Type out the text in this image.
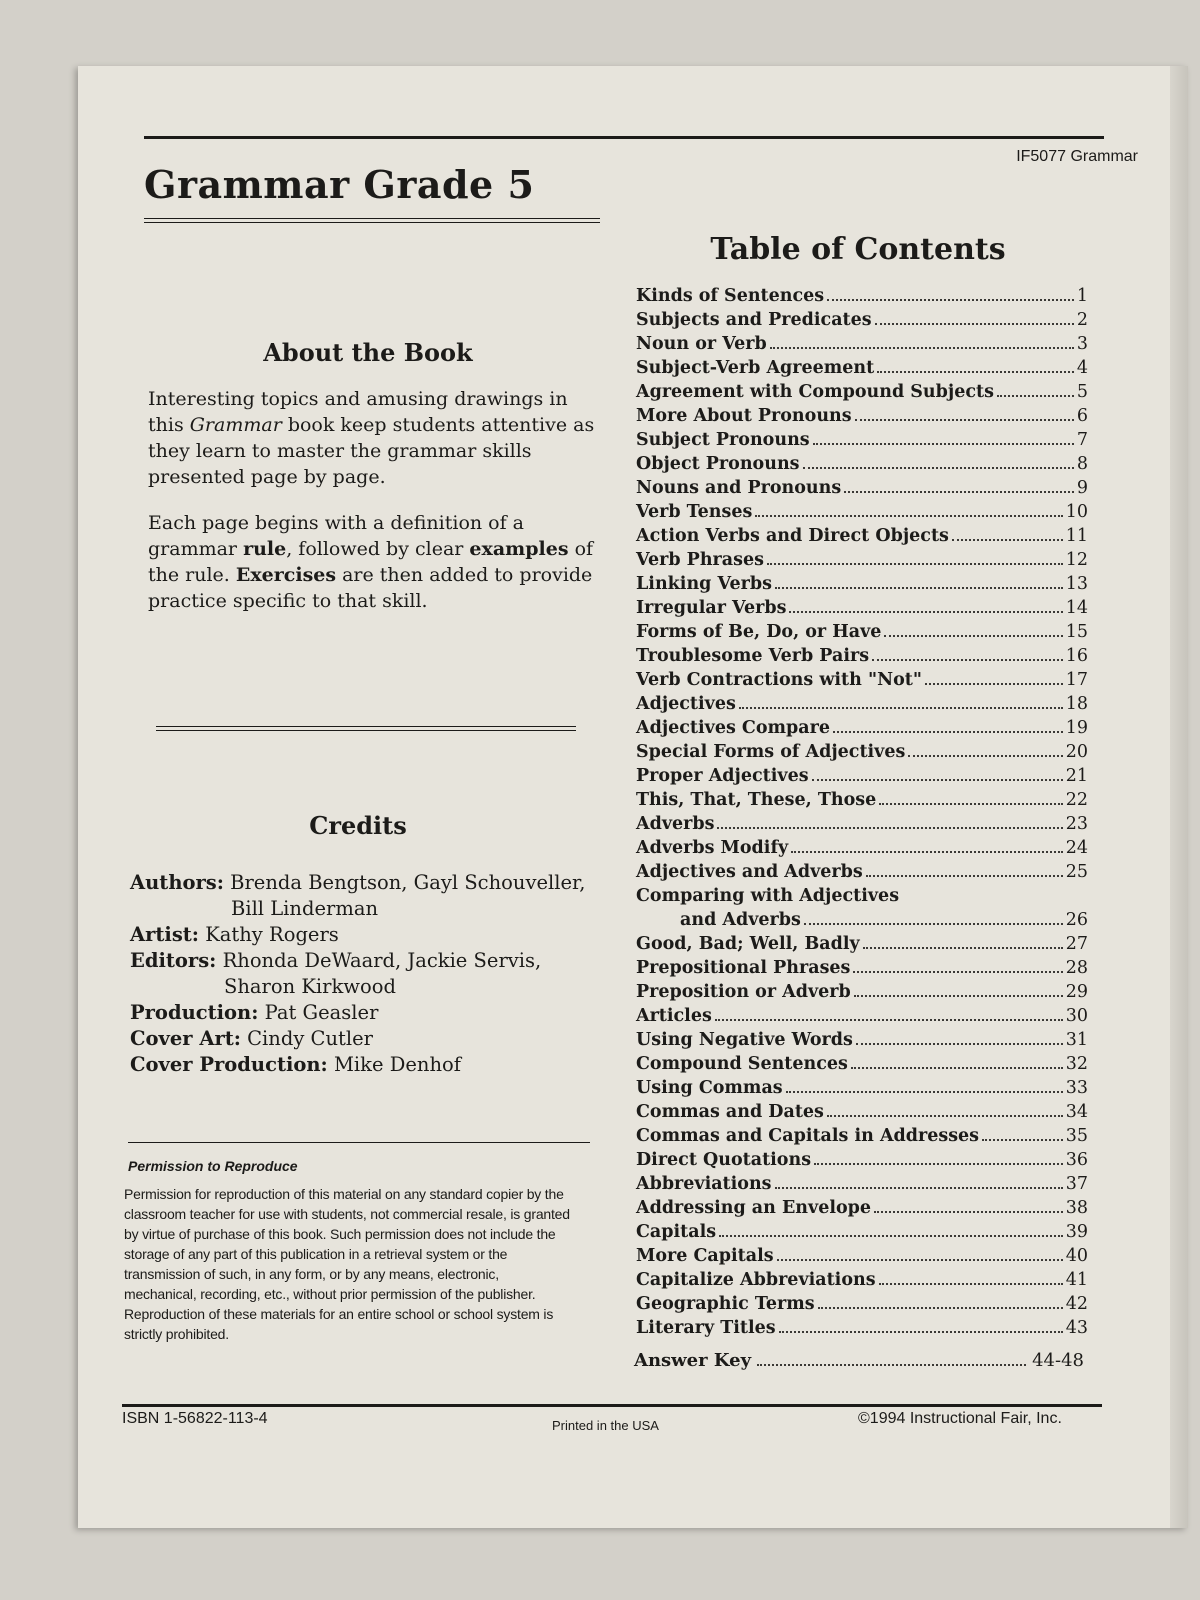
IF5077 Grammar
Grammar Grade 5
About the Book

Interesting topics and amusing drawings in this Grammar book keep students attentive as they learn to master the grammar skills presented page by page.

Each page begins with a definition of a grammar rule, followed by clear examples of the rule. Exercises are then added to provide practice specific to that skill.

Credits

Authors: Brenda Bengtson, Gayl Schouveller,
Bill Linderman

Artist: Kathy Rogers

Editors: Rhonda DeWaard, Jackie Servis,
Sharon Kirkwood

Production: Pat Geasler

Cover Art: Cindy Cutler

Cover Production: Mike Denhof

Permission to Reproduce
Permission for reproduction of this material on any standard copier by the classroom teacher for use with students, not commercial resale, is granted by virtue of purchase of this book. Such permission does not include the storage of any part of this publication in a retrieval system or the transmission of such, in any form, or by any means, electronic, mechanical, recording, etc., without prior permission of the publisher. Reproduction of these materials for an entire school or school system is strictly prohibited.
Table of Contents
Kinds of Sentences	1
Subjects and Predicates	2
Noun or Verb	3
Subject-Verb Agreement	4
Agreement with Compound Subjects	5
More About Pronouns	6
Subject Pronouns	7
Object Pronouns	8
Nouns and Pronouns	9
Verb Tenses	10
Action Verbs and Direct Objects	11
Verb Phrases	12
Linking Verbs	13
Irregular Verbs	14
Forms of Be, Do, or Have	15
Troublesome Verb Pairs	16
Verb Contractions with "Not"	17
Adjectives	18
Adjectives Compare	19
Special Forms of Adjectives	20
Proper Adjectives	21
This, That, These, Those	22
Adverbs	23
Adverbs Modify	24
Adjectives and Adverbs	25
Comparing with Adjectives
and Adverbs	26
Good, Bad; Well, Badly	27
Prepositional Phrases	28
Preposition or Adverb	29
Articles	30
Using Negative Words	31
Compound Sentences	32
Using Commas	33
Commas and Dates	34
Commas and Capitals in Addresses	35
Direct Quotations	36
Abbreviations	37
Addressing an Envelope	38
Capitals	39
More Capitals	40
Capitalize Abbreviations	41
Geographic Terms	42
Literary Titles	43
Answer Key	44-48
ISBN 1-56822-113-4	Printed in the USA	©1994 Instructional Fair, Inc.
